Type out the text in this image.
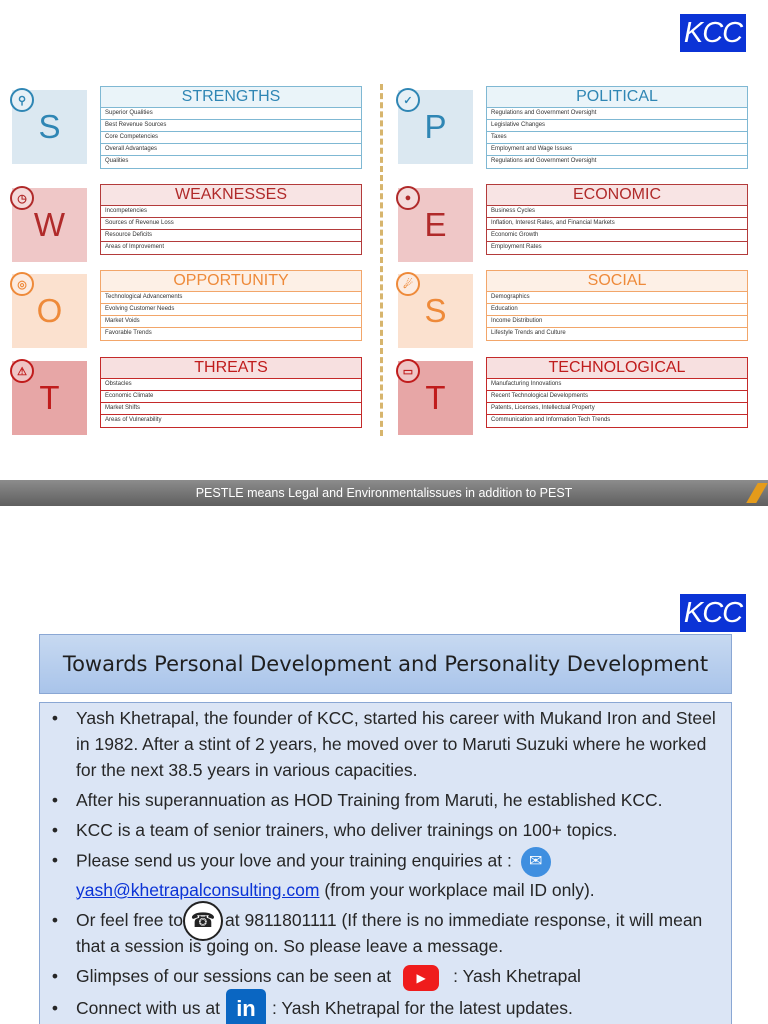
KCC
S
⚲	STRENGTHS
Superior Qualities
Best Revenue Sources
Core Competencies
Overall Advantages
Qualities
W
◷	WEAKNESSES
Incompetencies
Sources of Revenue Loss
Resource Deficits
Areas of Improvement
O
◎	OPPORTUNITY
Technological Advancements
Evolving Customer Needs
Market Voids
Favorable Trends
T
⚠	THREATS
Obstacles
Economic Climate
Market Shifts
Areas of Vulnerability
P
✓	POLITICAL
Regulations and Government Oversight
Legislative Changes
Taxes
Employment and Wage Issues
Regulations and Government Oversight
E
●	ECONOMIC
Business Cycles
Inflation, Interest Rates, and Financial Markets
Economic Growth
Employment Rates
S
☄	SOCIAL
Demographics
Education
Income Distribution
Lifestyle Trends and Culture
T
▭	TECHNOLOGICAL
Manufacturing Innovations
Recent Technological Developments
Patents, Licenses, Intellectual Property
Communication and Information Tech Trends
PESTLE means Legal and Environmentalissues in addition to PEST
KCC
Towards Personal Development and Personality Development
• Yash Khetrapal, the founder of KCC, started his career with Mukand Iron and Steel in 1982. After a stint of 2 years, he moved over to Maruti Suzuki where he worked for the next 38.5 years in various capacities.
• After his superannuation as HOD Training from Maruti, he established KCC.
• KCC is a team of senior trainers, who deliver trainings on 100+ topics.
• Please send us your love and your training enquiries at : ✉
yash@khetrapalconsulting.com (from your workplace mail ID only).
• Or feel free to ☎ at 9811801111 (If there is no immediate response, it will mean that a session is going on. So please leave a message.
• Glimpses of our sessions can be seen at ▶ : Yash Khetrapal
• Connect with us at in : Yash Khetrapal for the latest updates.
